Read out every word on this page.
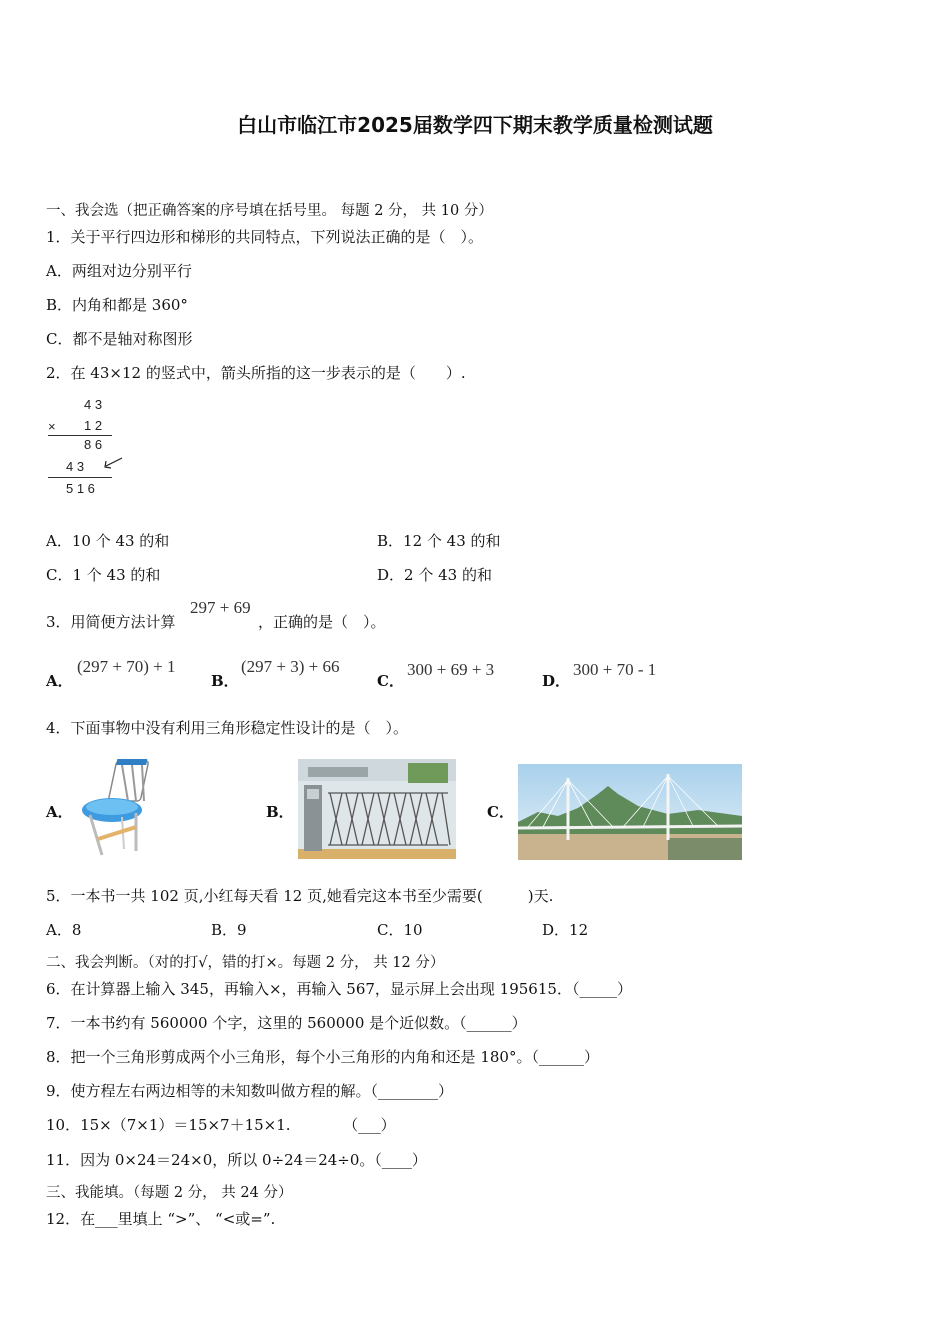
白山市临江市2025届数学四下期末教学质量检测试题
一、我会选（把正确答案的序号填在括号里。 每题 2 分， 共 10 分）
1．关于平行四边形和梯形的共同特点，下列说法正确的是（　）。
A．两组对边分别平行
B．内角和都是 360°
C．都不是轴对称图形
2．在 43×12 的竖式中，箭头所指的这一步表示的是（　　）.
4 3
× 1 2
8 6
4 3
5 1 6
A．10 个 43 的和	B．12 个 43 的和
C．1 个 43 的和	D．2 个 43 的和
3．用简便方法计算
297 + 69
，正确的是（　）。
A．
(297 + 70) + 1
B．
(297 + 3) + 66
C．
300 + 69 + 3
D．
300 + 70 - 1
4．下面事物中没有利用三角形稳定性设计的是（　）。
A．	B．	C．
5．一本书一共 102 页,小红每天看 12 页,她看完这本书至少需要(　　　)天.
A．8	B．9	C．10	D．12
二、我会判断。（对的打√，错的打×。每题 2 分， 共 12 分）
6．在计算器上输入 345，再输入×，再输入 567，显示屏上会出现 195615．（_____）
7．一本书约有 560000 个字，这里的 560000 是个近似数。（______）
8．把一个三角形剪成两个小三角形，每个小三角形的内角和还是 180°。（______）
9．使方程左右两边相等的未知数叫做方程的解。（________）
10．15×（7×1）＝15×7＋15×1.　　　　（___）
11．因为 0×24＝24×0，所以 0÷24＝24÷0。（____）
三、我能填。（每题 2 分， 共 24 分）
12．在___里填上 “>”、 “<或=”.
